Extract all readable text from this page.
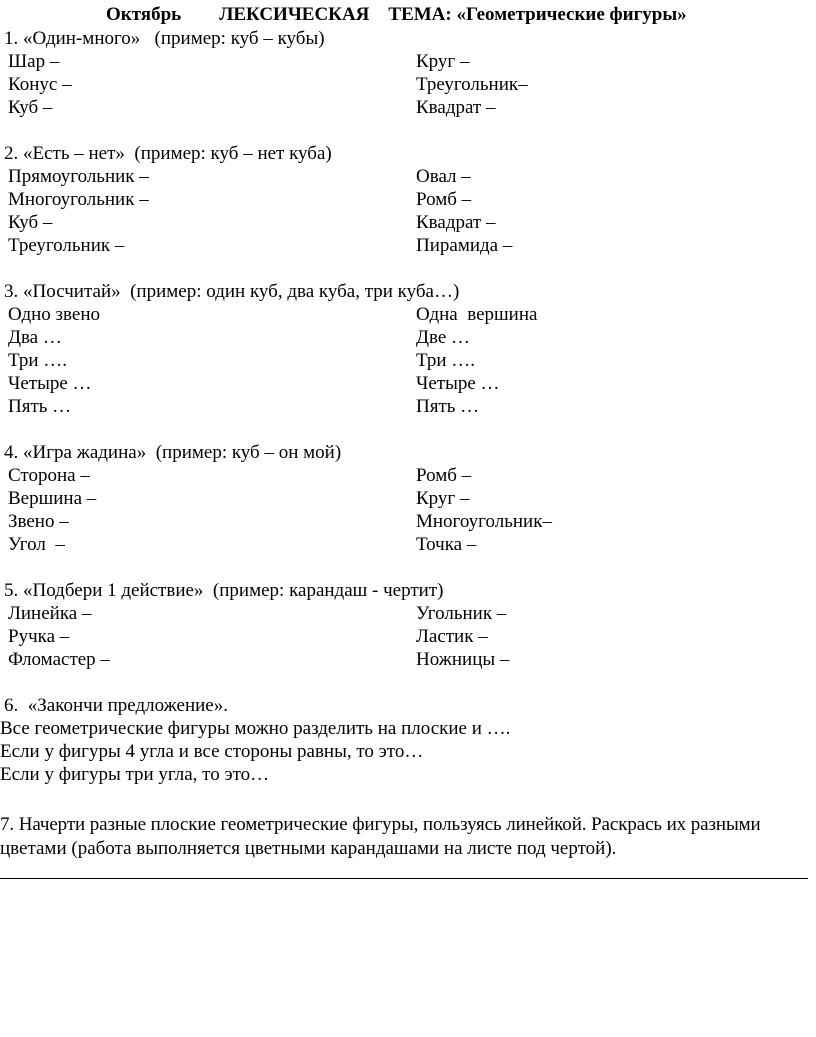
Октябрь ЛЕКСИЧЕСКАЯ ТЕМА: «Геометрические фигуры»
1. «Один-много»   (пример: куб – кубы)
Шар –	Круг –
Конус –	Треугольник–
Куб –	Квадрат –
2. «Есть – нет»  (пример: куб – нет куба)
Прямоугольник –	Овал –
Многоугольник –	Ромб –
Куб –	Квадрат –
Треугольник –	Пирамида –
3. «Посчитай»  (пример: один куб, два куба, три куба…)
Одно звено	Одна  вершина
Два …	Две …
Три ….	Три ….
Четыре …	Четыре …
Пять …	Пять …
4. «Игра жадина»  (пример: куб – он мой)
Сторона –	Ромб –
Вершина –	Круг –
Звено –	Многоугольник–
Угол  –	Точка –
5. «Подбери 1 действие»  (пример: карандаш - чертит)
Линейка –	Угольник –
Ручка –	Ластик –
Фломастер –	Ножницы –
6.  «Закончи предложение».
Все геометрические фигуры можно разделить на плоские и ….
Если у фигуры 4 угла и все стороны равны, то это…
Если у фигуры три угла, то это…
7. Начерти разные плоские геометрические фигуры, пользуясь линейкой. Раскрась их разными
цветами (работа выполняется цветными карандашами на листе под чертой).
